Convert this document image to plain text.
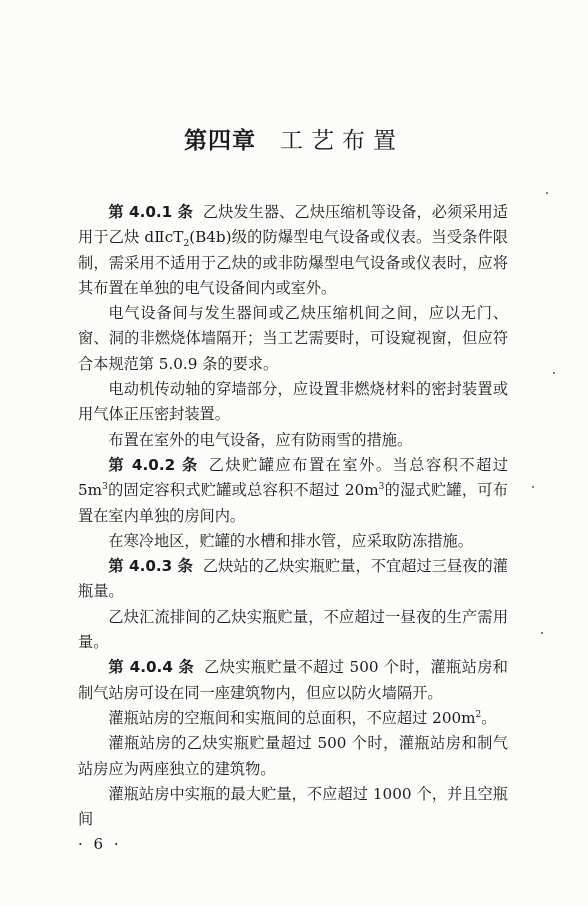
第四章 工艺布置

第 4.0.1 条 乙炔发生器、乙炔压缩机等设备，必须采用适用于乙炔 $dⅡcT_2(B4b)$级的防爆型电气设备或仪表。当受条件限制，需采用不适用于乙炔的或非防爆型电气设备或仪表时，应将其布置在单独的电气设备间内或室外。

电气设备间与发生器间或乙炔压缩机间之间，应以无门、窗、洞的非燃烧体墙隔开；当工艺需要时，可设窥视窗，但应符合本规范第 5.0.9 条的要求。

电动机传动轴的穿墙部分，应设置非燃烧材料的密封装置或用气体正压密封装置。

布置在室外的电气设备，应有防雨雪的措施。

第 4.0.2 条 乙炔贮罐应布置在室外。当总容积不超过 $5m^3$的固定容积式贮罐或总容积不超过 $20m^3$的湿式贮罐，可布置在室内单独的房间内。

在寒冷地区，贮罐的水槽和排水管，应采取防冻措施。

第 4.0.3 条 乙炔站的乙炔实瓶贮量，不宜超过三昼夜的灌瓶量。

乙炔汇流排间的乙炔实瓶贮量，不应超过一昼夜的生产需用量。

第 4.0.4 条 乙炔实瓶贮量不超过 500 个时，灌瓶站房和制气站房可设在同一座建筑物内，但应以防火墙隔开。

灌瓶站房的空瓶间和实瓶间的总面积，不应超过 $200m^2$。

灌瓶站房的乙炔实瓶贮量超过 500 个时，灌瓶站房和制气站房应为两座独立的建筑物。

灌瓶站房中实瓶的最大贮量，不应超过 1000 个，并且空瓶间

· 6 ·
